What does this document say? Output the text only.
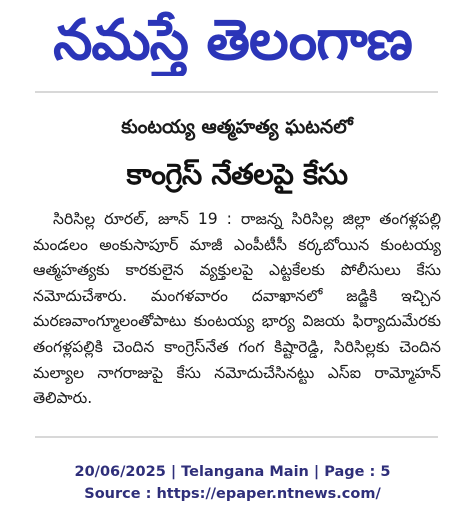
నమస్తే తెలంగాణ
కుంటయ్య ఆత్మహత్య ఘటనలో
కాంగ్రెస్ నేతలపై కేసు

సిరిసిల్ల రూరల్, జూన్ 19 : రాజన్న సిరిసిల్ల జిల్లా తంగళ్లపల్లి మండలం అంకుసాపూర్ మాజీ ఎంపీటీసీ కర్కబోయిన కుంటయ్య ఆత్మహత్యకు కారకులైన వ్యక్తులపై ఎట్టకేలకు పోలీసులు కేసు నమోదుచేశారు. మంగళవారం దవాఖానలో జడ్జికి ఇచ్చిన మరణవాంగ్మూలంతోపాటు కుంటయ్య భార్య విజయ ఫిర్యాదుమేరకు తంగళ్లపల్లికి చెందిన కాంగ్రెస్‌నేత గంగ కిష్టారెడ్డి, సిరిసిల్లకు చెందిన మల్యాల నాగరాజుపై కేసు నమోదుచేసినట్టు ఎస్ఐ రామ్మోహన్ తెలిపారు.

20/06/2025 | Telangana Main | Page : 5
Source : https://epaper.ntnews.com/
